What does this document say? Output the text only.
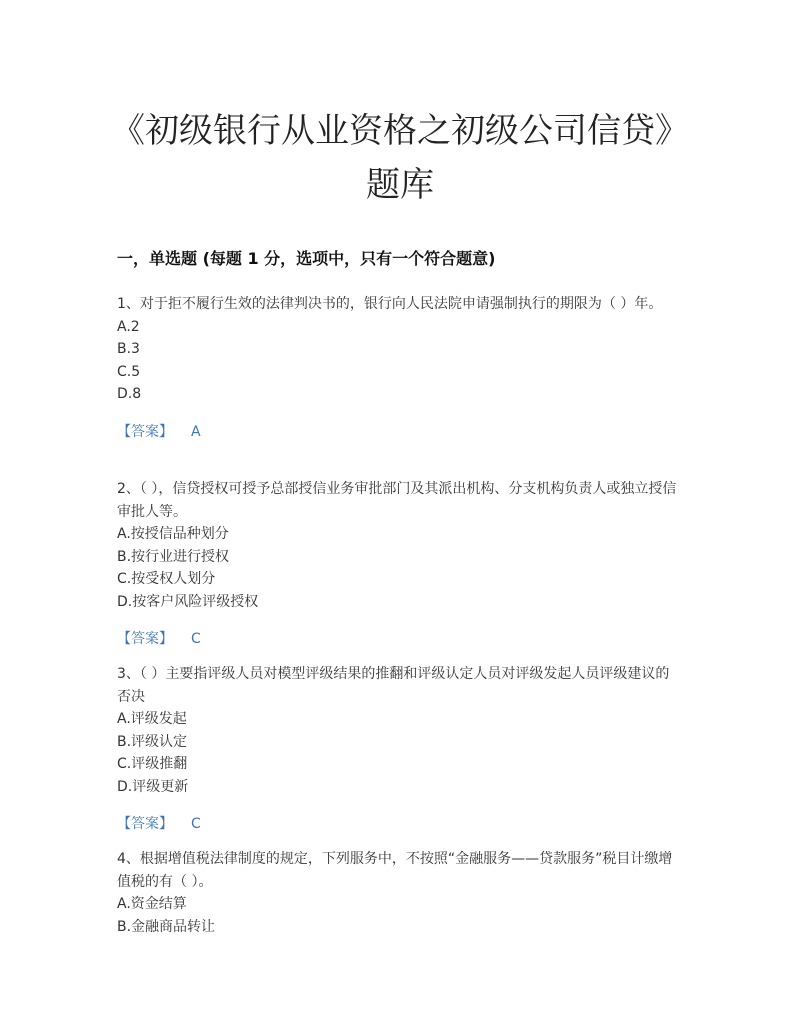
《初级银行从业资格之初级公司信贷》题库
一，单选题 (每题 1 分，选项中，只有一个符合题意)

1、对于拒不履行生效的法律判决书的，银行向人民法院申请强制执行的期限为（ ）年。

A.2

B.3

C.5

D.8

【答案】 A

2、（ ），信贷授权可授予总部授信业务审批部门及其派出机构、分支机构负责人或独立授信审批人等。

A.按授信品种划分

B.按行业进行授权

C.按受权人划分

D.按客户风险评级授权

【答案】 C

3、（ ）主要指评级人员对模型评级结果的推翻和评级认定人员对评级发起人员评级建议的否决

A.评级发起

B.评级认定

C.评级推翻

D.评级更新

【答案】 C

4、根据增值税法律制度的规定，下列服务中，不按照“金融服务——贷款服务”税目计缴增值税的有（ ）。

A.资金结算

B.金融商品转让
